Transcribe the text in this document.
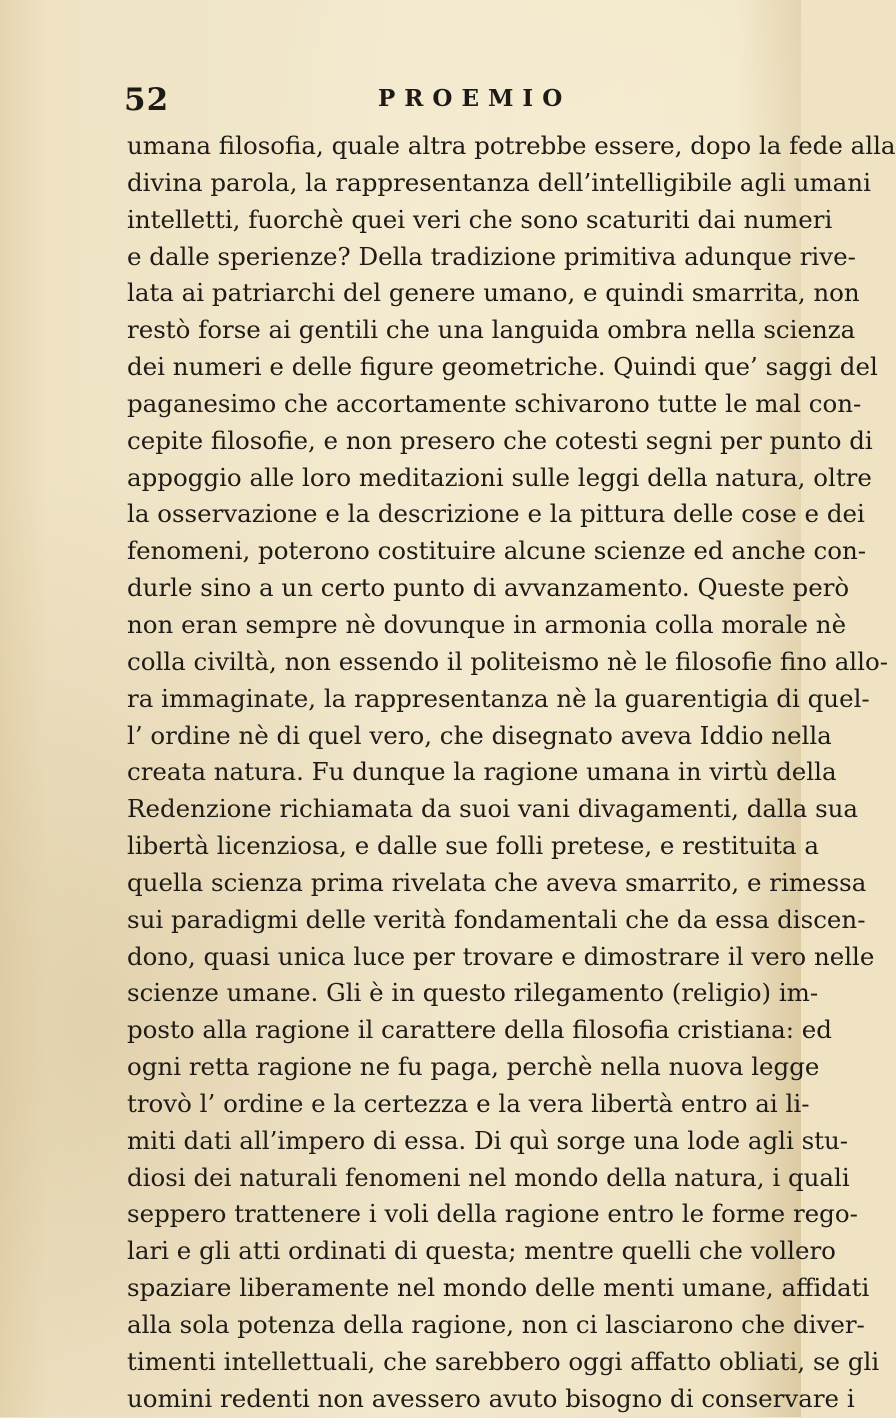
52	PROEMIO
umana filosofia, quale altra potrebbe essere, dopo la fede alla
divina parola, la rappresentanza dell’intelligibile agli umani
intelletti, fuorchè quei veri che sono scaturiti dai numeri
e dalle sperienze? Della tradizione primitiva adunque rive-
lata ai patriarchi del genere umano, e quindi smarrita, non
restò forse ai gentili che una languida ombra nella scienza
dei numeri e delle figure geometriche. Quindi que’ saggi del
paganesimo che accortamente schivarono tutte le mal con-
cepite filosofie, e non presero che cotesti segni per punto di
appoggio alle loro meditazioni sulle leggi della natura, oltre
la osservazione e la descrizione e la pittura delle cose e dei
fenomeni, poterono costituire alcune scienze ed anche con-
durle sino a un certo punto di avvanzamento. Queste però
non eran sempre nè dovunque in armonia colla morale nè
colla civiltà, non essendo il politeismo nè le filosofie fino allo-
ra immaginate, la rappresentanza nè la guarentigia di quel-
l’ ordine nè di quel vero, che disegnato aveva Iddio nella
creata natura. Fu dunque la ragione umana in virtù della
Redenzione richiamata da suoi vani divagamenti, dalla sua
libertà licenziosa, e dalle sue folli pretese, e restituita a
quella scienza prima rivelata che aveva smarrito, e rimessa
sui paradigmi delle verità fondamentali che da essa discen-
dono, quasi unica luce per trovare e dimostrare il vero nelle
scienze umane. Gli è in questo rilegamento (religio) im-
posto alla ragione il carattere della filosofia cristiana: ed
ogni retta ragione ne fu paga, perchè nella nuova legge
trovò l’ ordine e la certezza e la vera libertà entro ai li-
miti dati all’impero di essa. Di quì sorge una lode agli stu-
diosi dei naturali fenomeni nel mondo della natura, i quali
seppero trattenere i voli della ragione entro le forme rego-
lari e gli atti ordinati di questa; mentre quelli che vollero
spaziare liberamente nel mondo delle menti umane, affidati
alla sola potenza della ragione, non ci lasciarono che diver-
timenti intellettuali, che sarebbero oggi affatto obliati, se gli
uomini redenti non avessero avuto bisogno di conservare i
